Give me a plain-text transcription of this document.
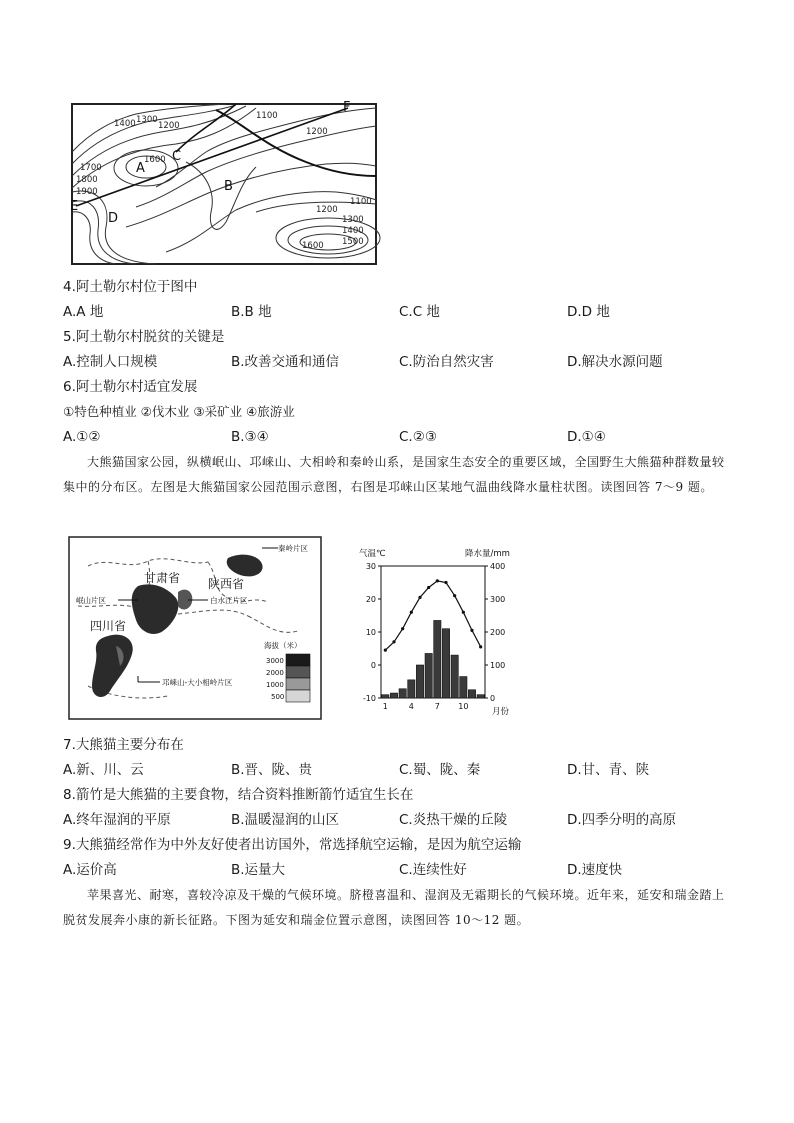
1400 1300
1200
1100
1200
1700
1800
1900
1600
1100
1200
1300
1400
1500
1600
A
B
C
D
E
F
4.阿土勒尔村位于图中
A.A 地	B.B 地	C.C 地	D.D 地
5.阿土勒尔村脱贫的关键是
A.控制人口规模	B.改善交通和通信	C.防治自然灾害	D.解决水源问题
6.阿土勒尔村适宜发展
①特色种植业 ②伐木业 ③采矿业 ④旅游业
A.①②	B.③④	C.②③	D.①④
大熊猫国家公园，纵横岷山、邛崃山、大相岭和秦岭山系，是国家生态安全的重要区域，全国野生大熊猫种群数量较集中的分布区。左图是大熊猫国家公园范围示意图，右图是邛崃山区某地气温曲线降水量柱状图。读图回答 7～9 题。
秦岭片区
岷山片区	白水江片区
邛崃山-大小相岭片区
甘肃省 陕西省
四川省
海拔（米）
3000
2000
1000
500
气温℃	降水量/mm
月份
30
20
10
0
-10
400
300
200
100
0
1	4	7 10
7.大熊猫主要分布在
A.新、川、云	B.晋、陇、贵	C.蜀、陇、秦	D.甘、青、陕
8.箭竹是大熊猫的主要食物，结合资料推断箭竹适宜生长在
A.终年湿润的平原	B.温暖湿润的山区	C.炎热干燥的丘陵	D.四季分明的高原
9.大熊猫经常作为中外友好使者出访国外，常选择航空运输，是因为航空运输
A.运价高	B.运量大	C.连续性好	D.速度快
苹果喜光、耐寒，喜较冷凉及干燥的气候环境。脐橙喜温和、湿润及无霜期长的气候环境。近年来，延安和瑞金踏上脱贫发展奔小康的新长征路。下图为延安和瑞金位置示意图，读图回答 10～12 题。
